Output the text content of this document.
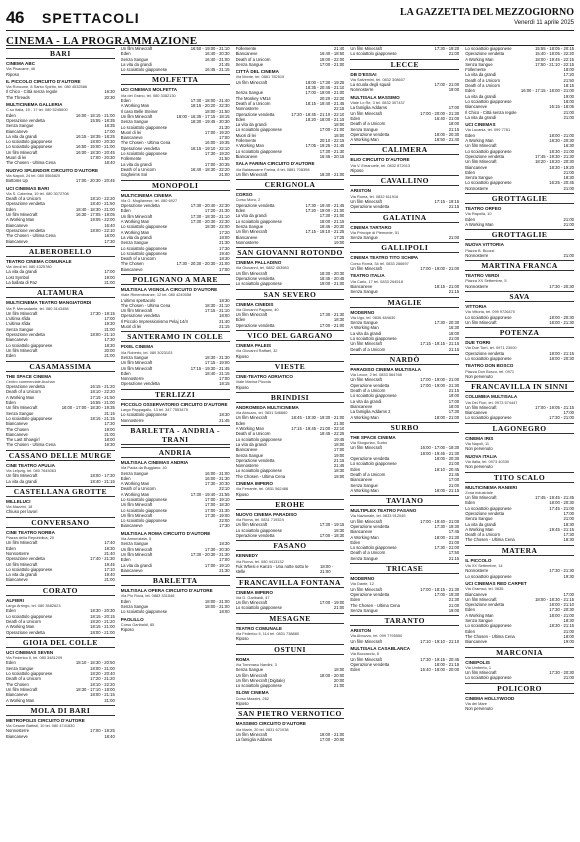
46 SPETTACOLI	LA GAZZETTA DEL MEZZOGIORNO
Venerdì 11 aprile 2025
CINEMA - LA PROGRAMMAZIONE
BARI
CINEMA ABC
Via Pisacane, 46
Riposo
IL PICCOLO CIRCUITO D'AUTORE
Via Roncone, 8 Santo Spirito, tel. 080 4532586
Il Chico - Città senza regole	16:30
The Threads	20:30
MULTICINEMA GALLERIA
C.so Italia, 15 - 17 tel. 080 5245600
Eden	16:00 - 18:15 - 21:00
Operazione vendetta	15:55 - 18:35
Senza Sangue	18:35
Biancaneve	17:00
La vita da grandi	16:15 - 18:35 - 18:25
Lo scoiattolo giapponese	18:00 - 20:30
Lo scoiattolo giapponese	16:50 - 19:00 - 21:00
Un film Minecraft	16:00 - 18:30 - 20:45
Muori di lei	17:00 - 20:30
The Chosen - Ultima Cena	18:40
NUOVO SPLENDOR CIRCUITO D'AUTORE
Via Napoli, 24 tel. 080 5565820
Bottoms Up	17:00 - 20:30 - 20:45
UCI CINEMAS BARI
Via S. Caterina, 19 tel. 080 3072708
Death of a Unicorn	18:10 - 22:20
Operazione vendetta	18:40 - 21:50
Eden	18:40 - 18:30 - 21:00
Un film Minecraft	16:30 - 17:05 - 19:05
A Working Man	19:05 - 22:00
Biancaneve	16:40
Operazione vendetta	18:00 - 22:10
The Chosen - Ultima Cena	18:00
Biancaneve	17:30
ALBEROBELLO
TEATRO CINEMA COMUNALE
Via Verdi tel. 080 4325780
La vita da grandi	17:00
Lost Symbol	19:00
La ballata di Paz	21:00
ALTAMURA
MULTICINEMA TEATRO MANGIATORDI
Via P. Mercadante, tel. 080 3143458
Un film Minecraft	17:30 - 18:15
L'ultima sfida	17:00
L'ultima sfida	19:30
Senza Sangue	21:00
Operazione vendetta	18:00 - 21:10
Biancaneve	17:30
Lo scoiattolo giapponese	18:30
Un film Minecraft	20:00
Eden	21:00
CASAMASSIMA
THE SPACE CINEMA
Centro commerciale Auchan
Operazione vendetta	16:15 - 21:20
Death of a Unicorn	18:10 - 22:20
A Working Man	17:15 - 21:50
Eden	16:55 - 21:00
Un film Minecraft	16:00 - 17:00 - 18:30 - 19:35
Senza Sangue	21:15
Lo scoiattolo giapponese	18:15 - 21:15
Biancaneve	17:30
The Chosen	19:00
Biancaneve	21:00
The Last Showgirl	18:00
The Chosen - Ultima Cena	19:30
CASSANO DELLE MURGE
CINE TEATRO APULIA
Via Leipzig, tel. 080 7645063
Un film Minecraft	18:00 - 17:30
La vita da grandi	18:40 - 21:15
CASTELLANA GROTTE
MILLELUCI
Via Mazzini, 18
Chiuso per lavori
CONVERSANO
CINE TEATRO NORBA
Piazza della Repubblica, 20
Un film Minecraft	17:40
Eden	18:30
Nonnosterre	21:40
Operazione vendetta	17:40 - 21:30
Un film Minecraft	19:45
Lo scoiattolo giapponese	17:10
La vita da grandi	19:40
Biancaneve	21:00
CORATO
ALFIERI
Largo Arringo, tel. 080 3582623
Eden	18:30 - 20:30
Lo scoiattolo giapponese	18:15 - 20:15
Death of a Unicorn	18:20 - 21:20
A Working Man	18:15 - 21:00
Operazione vendetta	18:00 - 21:00
GIOIA DEL COLLE
UCI CINEMAS SEVEN
Via Federico II, tel. 080 3481209
Eden	18:10 - 18:30 - 20:50
Senza Sangue	18:00 - 21:00
Lo scoiattolo giapponese	18:20 - 20:40
Death of a Unicorn	17:20 - 21:20
The Chosen	18:10 - 22:20
Un film Minecraft	18:30 - 17:10 - 18:00
Biancaneve	18:00 - 21:15
A Working Man	21:00
MOLA DI BARI
METROPOLIS CIRCUITO D'AUTORE
Via Cesare Battisti, 10 tel. 080 4741830
Nonnosterre	17:00 - 18:25
Biancaneve	18:40
Un film Minecraft	16:50 - 19:00 - 21:10
Eden	16:40 - 20:30
Senza Sangue	16:40 - 21:00
La vita da grandi	21:45
Lo scoiattolo giapponese	16:45 - 21:15
MOLFETTA
UCI CINEMAS MOLFETTA
Via del Grano, tel. 080 3382130
Eden	17:30 - 18:00 - 21:40
A Working Man	18:15 - 20:20 - 22:30
Il caso Belle Steiner	18:00 - 21:50
Un film Minecraft	18:00 - 16:35 - 17:15 - 18:15
Senza Sangue	18:30 - 19:45 - 20:30
Lo scoiattolo giapponese	21:30
Muori di lei	17:00 - 19:20
Biancaneve	17:00
The Chosen - Ultima Cena	16:00 - 19:35
Operazione vendetta	16:15 - 19:10 - 22:10
Lo scoiattolo giapponese	17:30 - 19:20
Follemente	21:50
La vita da grandi	17:00 - 20:35
Death of a Unicorn	16:40 - 18:30 - 22:20
Gogheims Sol	21:00
MONOPOLI
MULTICINEMA CINEMA
Via G. Moglianese, tel. 080 6927
Operazione vendetta	17:30 - 20:40 - 22:30
Eden	17:20 - 21:30
Un film Minecraft	17:30 - 18:30 - 21:10
A Working Man	17:30 - 20:30 - 22:30
Lo scoiattolo giapponese	18:30 - 22:00
A Working Man	17:20
La vita da grandi	18:00
Senza Sangue	21:30
Lo scoiattolo giapponese	17:30
Lo scoiattolo giapponese	19:40
Death of a Unicorn	18:30
The Chosen	17:30 - 20:30 - 20:30 - 21:00
Biancaneve	17:00
POLIGNANO A MARE
MULTISALA VIGNOLA CIRCUITO D'AUTORE
Viale Rimembranze, 12 tel. 080 4240058
L'ultimo spettacolo	18:30
The Chosen - Ultima Cena	18:30 - 21:10
Un film Minecraft	17:15 - 21:10
Operazione vendetta	18:00
Il Piccolo Impressionismo Pelaj 14/4	21:40
Muori di lei	21:15
SANTERAMO IN COLLE
PIXEL CINEMA
Via Roberto, tel. 080 3023103
Senza Sangue	18:30 - 21:30
Un film Minecraft	17:15 - 19:00
Un film Minecraft	17:15 - 19:30 - 21:45
Eden	18:40 - 21:15
Nonnosterre	17:00
Operazione vendetta	18:15
TERLIZZI
PICCOLO OSSERVATORIO CIRCUITO D'AUTORE
Largo Pappagallo, 13 tel. 347 7553475
Lo scoiattolo giapponese	18:30
Nonnosterre	21:45
BARLETTA - ANDRIA - TRANI
ANDRIA
MULTISALA CINEMAS ANDRIA
Via Paola da Buggiano, 40
Senza Sangue	16:00 - 21:00
Eden	16:00 - 21:30
A Working Man	17:30 - 20:30
Death of a Unicorn	22:10
A Working Man	17:30 - 19:40 - 21:55
Lo scoiattolo giapponese	17:00 - 19:10
Un film Minecraft	17:00 - 18:30
Lo scoiattolo giapponese	17:00 - 21:30
Un film Minecraft	17:30 - 19:00
Lo scoiattolo giapponese	22:00
Biancaneve	17:30
MULTISALA ROMA CIRCUITO D'AUTORE
Via Annunziata, 5
Senza Sangue	18:30
Un film Minecraft	17:30 - 20:30
Un film Minecraft	17:30 - 20:30 - 21:30
Eden	17:00
La vita da grandi	17:00 - 19:10
Biancaneve	21:30
BARLETTA
MULTISALA OPERA CIRCUITO D'AUTORE
Via Pio Roca, tel. 0883 331548
Eden	18:00 - 21:00
Senza Sangue	18:00 - 21:00
Lo scoiattolo giapponese	18:00
PAOLILLO
Corso Garibaldi, 85
Riposo
Follemente	21:40
Biancaneve	16:40 - 18:50
Death of a Unicorn	18:00 - 22:00
Senza Sangue	17:00 - 21:00
CITTÀ DEL CINEMA
Via Monte, tel. 0881 782515
Un film Minecraft	18:00 - 17:30 - 19:25
18:35 - 20:45 - 21:10
Senza Sangue	17:00 - 19:00 - 21:00
The Monkey VM14	20:20 - 22:20
Death of a Unicorn	18:15 - 19:40 - 21:45
Nonnosterre	22:15
Operazione vendetta	17:20 - 18:45 - 21:10 - 22:10
Eden	18:20 - 18:00 - 21:15
La vita da grandi	18:00
Lo scoiattolo giapponese	17:00 - 21:00
Muori di lei	18:00
Follemente	20:10 - 22:15
A Working Man	17:05 - 19:25 - 21:45
Lo scoiattolo giapponese	17:30 - 21:30
Biancaneve	16:45 - 20:15
SALA FARINA CIRCUITO D'AUTORE
Via Baldassarre Farina, 8 tel. 0881 708398
Un film Minecraft	18:30 - 21:00
CERIGNOLA
CORSO
Corso Moro, 2
Operazione vendetta	17:30 - 19:40 - 21:45
Eden	17:20 - 19:00 - 21:00
La vita da grandi	17:30 - 21:00
Lo scoiattolo giapponese	18:00 - 21:15
Senza Sangue	18:45 - 20:30
Un film Minecraft	17:15 - 19:10 - 21:25
Biancaneve	17:25
Nonnosterre	19:00
SAN GIOVANNI ROTONDO
CINEMA PALLADINO
Via Giovanni, tel. 0882 453983
Un film Minecraft	18:30 - 20:30
Operazione vendetta	18:45 - 20:45
Lo scoiattolo giapponese	19:00 - 21:00
SAN SEVERO
CINEMA CINEDIS
Via Giovanni Pagano, 40
Un film Minecraft	17:30 - 21:30
Eden	18:30
Operazione vendetta	17:00 - 21:00
VICO DEL GARGANO
CINEMA PALEIS
Via Giovanni Raffael, 32
Riposo
VIESTE
CINE-TEATRO ADRIATICO
Viale Marina Piccola
Riposo
BRINDISI
ANDROMEDA MULTICINEMA
Via Abruzzo, tel. 0831 546660
Un film Minecraft	18:45 - 19:30 - 19:30 - 21:00
Eden	21:00
A Working Man	17:15 - 19:45 - 21:00 - 22:10
Death of a Unicorn	18:45 - 22:25
Lo scoiattolo giapponese	19:45
La vita da grandi	18:00
Biancaneve	17:00
Senza Sangue	19:00
Operazione vendetta	21:15
Nonnosterre	21:45
Lo scoiattolo giapponese	18:30
The Chosen - Ultima Cena	18:00
CINEMA IMPERO
Via Ferrante, tel. 0831 562488
Riposo
EROHE
NUOVO CINEMA PARADISO
Via Roma, tel. 0831 719324
Un film Minecraft	17:30 - 19:15
Lo scoiattolo giapponese	18:30
Operazione vendetta	17:00 - 18:30
FASANO
KENNEDY
Via Roma, tel. 080 4413132
Fuk Whesi e Kanzo - Una notte sotto le stelle
18:00 - 21:00
FRANCAVILLA FONTANA
CINEMA IMPERO
Via G. Garibaldi, 47
Un film Minecraft	17:00 - 19:00
Lo scoiattolo giapponese	21:00
MESAGNE
TEATRO COMUNALE
Via Federico II, 114 tel. 0831 738880
Riposo
OSTUNI
ROMA
Via Tommaso Nardini, 3
Senza Sangue	18:00
Un film Minecraft	18:00 - 20:00
Un film Minecraft (Digitale)	20:00
Lo scoiattolo giapponese	21:00
SLOW CINEMA
Corso Mazzini, 262
Riposo
SAN PIETRO VERNOTICO
MASSIMO CIRCUITO D'AUTORE
Via Marin, 20 tel. 0831 671038
Un film Minecraft	18:00 - 21:00
La famiglia Addams	17:00 - 20:00
Un film Minecraft	17:30 - 19:20
Lo scoiattolo giapponese	21:00
LECCE
DB D'ESSAI
Via Salvemini, tel. 0832 308607
La scuola degli squali	17:00 - 21:00
Nonnosterre	19:00
MULTISALA MASSIMO
Viale Lo Re, 3 tel. 0832 307437
La famiglia Addams	17:00
Un film Minecraft	17:00 - 20:00 - 21:30
Eden	16:40 - 21:00
Death of a Unicorn	18:00
Senza Sangue	21:15
Operazione vendetta	18:00 - 20:30
A Working Man	18:50 - 21:40
CALIMERA
ELIO CIRCUITO D'AUTORE
Via V. Emanuele, tel. 0832 872013
Riposo
CAVALLINO
ARISTON
Via Roma, tel. 0832 611916
Un film Minecraft	17:15 - 19:15
Operazione vendetta	21:15
GALATINA
CINEMA TARTARO
Via Principe di Piemonte, 51
Senza Sangue	21:00
GALLIPOLI
CINEMA TEATRO TITO SCHIPA
Corso Roma, 34 tel. 0833 266697
Un film Minecraft	17:00 - 19:00 - 21:00
TEATRO ITALIA
Via Carlo, 17 tel. 0833 264518
Biancaneve	18:15 - 21:00
Senza Sangue	21:15
MAGLIE
MODERNO
Via Ugo, tel. 0836 484630
Senza Sangue	17:30 - 20:30
A Working Man	16:30
La vita da grandi	18:00
Lo scoiattolo giapponese	21:00
Un film Minecraft	17:15 - 19:15 - 21:15
Death of a Unicorn	21:15
NARDÒ
PARADISO CINEMA MULTISALA
Via Lecce, 2 tel. 0833 564768
Un film Minecraft	17:00 - 19:00 - 21:00
Operazione vendetta	17:00 - 19:00 - 21:30
Death of a Unicorn	21:15
Lo scoiattolo giapponese	19:00
La vita da grandi	17:00
Biancaneve	18:00
La famiglia Addams 2	17:30
A Working Man	18:00 - 21:00
SURBO
THE SPACE CINEMA
Via Sbogurian, Surbo
Un film Minecraft	16:00 - 17:00 - 19:30
18:00 - 19:45 - 21:30
Operazione vendetta	18:00 - 20:30
Lo scoiattolo giapponese	21:00
Eden	18:10 - 20:45
Death of a Unicorn	21:45
Biancaneve	17:00
Senza Sangue	21:00
A Working Man	18:00 - 21:15
TAVIANO
MULTIPLEX TEATRO FASANO
Via Nazionale, tel. 0833 912045
Un film Minecraft	17:00 - 19:40 - 21:00
Operazione vendetta	17:30 - 19:30
Biancaneve	17:45
A Working Man	18:00 - 21:30
Eden	21:00
Lo scoiattolo giapponese	17:30 - 21:00
Death of a Unicorn	17:50
Senza Sangue	21:15
TRICASE
MODERNO
Via Dante, 12
Un film Minecraft	17:00 - 18:15 - 21:30
Operazione vendetta	17:00 - 19:30
Eden	21:30
The Chosen - Ultima Cena	21:00
Senza Sangue	19:00
TARANTO
ARISTON
Via Abruzzo, tel. 099 7795550
Un film Minecraft	17:10 - 19:10 - 21:10
MULTISALA CASABLANCA
Via Boccaccio, 6
Un film Minecraft	17:30 - 19:15 - 20:45
Operazione vendetta	18:00 - 21:15
Eden	15:40 - 18:00 - 20:00
Lo scoiattolo giapponese	15:55 - 18:05 - 20:15
Operazione vendetta	15:40 - 18:05 - 22:20
A Working Man	18:00 - 19:45 - 22:15
Senza Sangue	17:50 - 21:10 - 22:15
Follemente	18:00
La vita da grandi	17:20
Death of a Unicorn	21:50
Death of a Unicorn	18:15
Eden	16:00 - 17:15 - 18:00 - 21:00
La vita da grandi	19:00
Lo scoiattolo giapponese	18:00
Biancaneve	15:15 - 18:05
Il Chico - Città senza regole	21:00
La vita da grandi	21:00
UCI CINEMAS
Via Lucania, tel. 099 7781
Eden	18:00 - 21:00
A Working Man	18:30 - 20:30
Un film Minecraft	16:30
Lo scoiattolo giapponese	18:30 - 21:00
Operazione vendetta	17:45 - 19:30 - 21:30
Un film Minecraft	18:20 - 18:20 - 20:30
Biancaneve	18:30 - 19:20
Eden	21:00
Senza Sangue	18:30
Lo scoiattolo giapponese	16:25 - 20:45
Nonnosterre	21:00
GROTTAGLIE
TEATRO ORFEO
Via Rapolla, 10
Eden	21:00
A Working Man	21:00
GROTTAGLIE
NUOVA VITTORIA
Piazza B. Buozzi
Nonnosterre	21:00
MARTINA FRANCA
TEATRO VERDI
Piazza XX Settembre, 5
Nonnosterre	17:30 - 20:30
SAVA
VITTORIA
Via Vittoria, tel. 099 9726470
Lo scoiattolo giapponese	18:00 - 20:30
Un film Minecraft	18:00 - 21:30
POTENZA
DUE TORRI
Via Due Torri, tel. 0971 23000
Operazione vendetta	18:00 - 21:15
Lo scoiattolo giapponese	18:00 - 20:30
TEATRO DON BOSCO
Piazza Don Bosco, tel. 0971
Non pervenuto
FRANCAVILLA IN SINNI
COLUMBIA MULTISALA
Via Dei Fiori, tel. 0973 574447
Un film Minecraft	17:00 - 19:05 - 21:15
Biancaneve	17:00
Lo scoiattolo giapponese	17:30 - 21:00
LAGONEGRO
CINEMA IRIS
Via Napoli, 11
Non pervenuto
NUOVA ITALIA
Via Italia, tel. 0973 40330
Non pervenuto
TITO SCALO
MULTICINEMA RANIERI
Zona industriale
Un film Minecraft	17:45 - 19:45 - 21:45
Eden	18:00 - 20:30
Lo scoiattolo giapponese	17:45 - 21:00
Operazione vendetta	17:00
Senza Sangue	21:00
La vita da grandi	18:30
A Working Man	19:45 - 21:15
Death of a Unicorn	17:30
The Chosen - Ultima Cena	18:30
MATERA
IL PICCOLO
Via XX Settembre, 14
Nonnosterre	17:30 - 21:30
Lo scoiattolo giapponese	19:30
UCI CINEMAS RED CARPET
Via Gramsci, tel. 0835
Biancaneve	17:00
Un film Minecraft	18:00 - 18:30 - 21:15
Operazione vendetta	18:00 - 21:10
Eden	17:30 - 20:30
A Working Man	18:00 - 21:00
Senza Sangue	18:30
Lo scoiattolo giapponese	18:30 - 21:15
Eden	21:00
The Chosen - Ultima Cena	18:00
Biancaneve	19:00
MARCONIA
CINEPOLIS
Via Umberto, 1
Un film Minecraft	17:30 - 20:30
Lo scoiattolo giapponese	21:00
POLICORO
CINEMA HOLLYWOOD
Via del Mare
Non pervenuto
